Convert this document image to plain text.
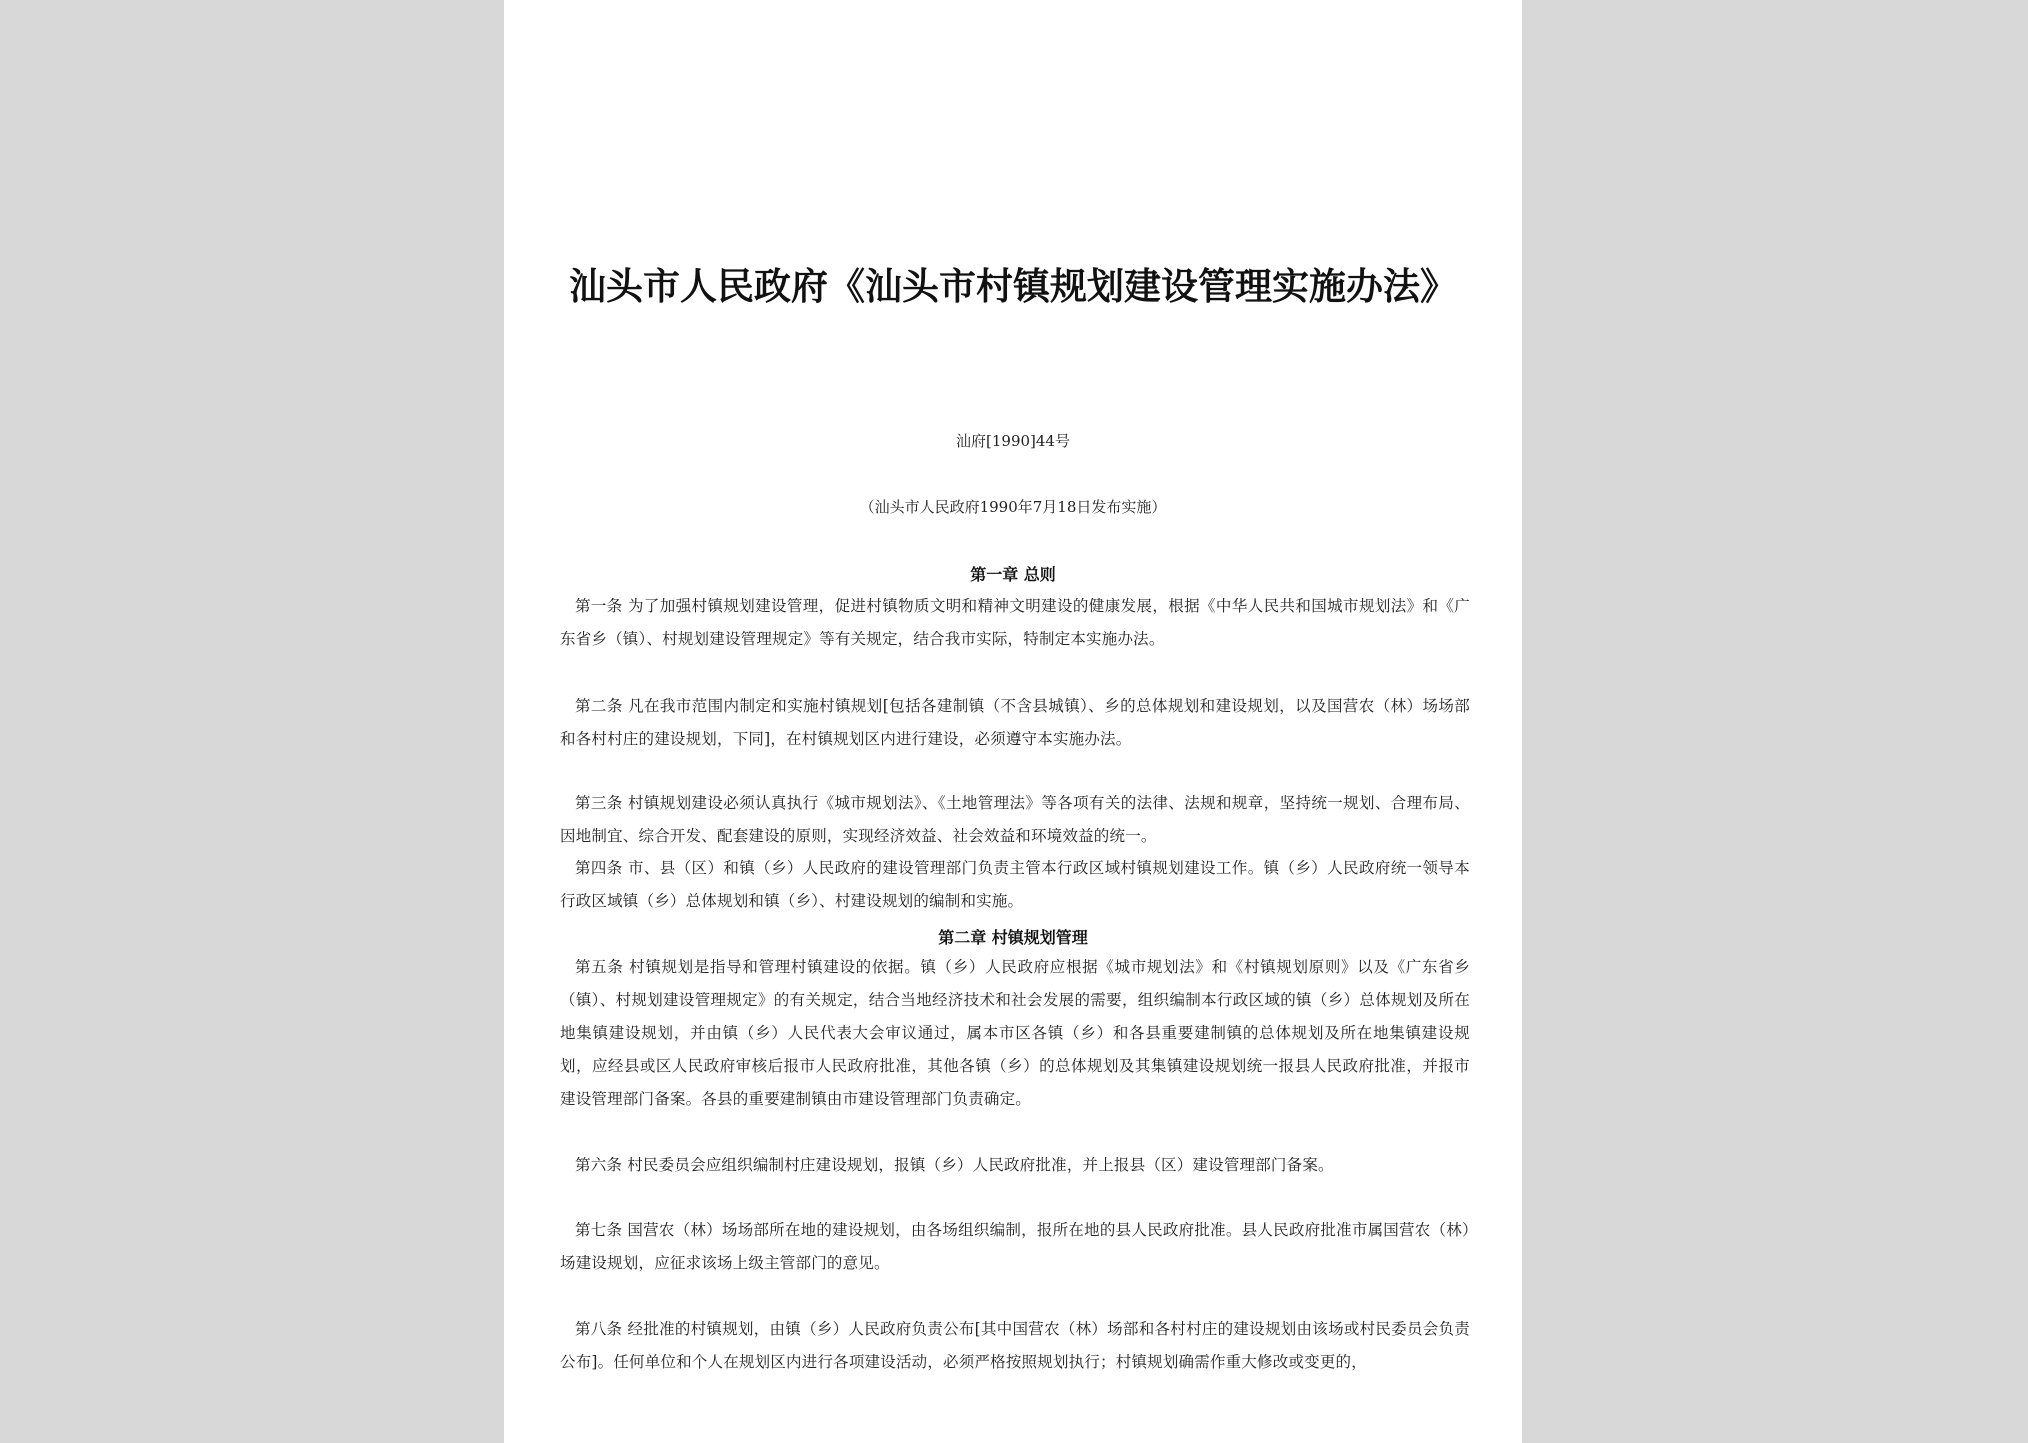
汕头市人民政府《汕头市村镇规划建设管理实施办法》
汕府[1990]44号
（汕头市人民政府1990年7月18日发布实施）
第一章 总则
第一条 为了加强村镇规划建设管理，促进村镇物质文明和精神文明建设的健康发展，根据《中华人民共和国城市规划法》和《广东省乡（镇）、村规划建设管理规定》等有关规定，结合我市实际，特制定本实施办法。
第二条 凡在我市范围内制定和实施村镇规划[包括各建制镇（不含县城镇）、乡的总体规划和建设规划，以及国营农（林）场场部和各村村庄的建设规划，下同]，在村镇规划区内进行建设，必须遵守本实施办法。
第三条 村镇规划建设必须认真执行《城市规划法》、《土地管理法》等各项有关的法律、法规和规章，坚持统一规划、合理布局、因地制宜、综合开发、配套建设的原则，实现经济效益、社会效益和环境效益的统一。
第四条 市、县（区）和镇（乡）人民政府的建设管理部门负责主管本行政区域村镇规划建设工作。镇（乡）人民政府统一领导本行政区域镇（乡）总体规划和镇（乡）、村建设规划的编制和实施。
第二章 村镇规划管理
第五条 村镇规划是指导和管理村镇建设的依据。镇（乡）人民政府应根据《城市规划法》和《村镇规划原则》以及《广东省乡（镇）、村规划建设管理规定》的有关规定，结合当地经济技术和社会发展的需要，组织编制本行政区域的镇（乡）总体规划及所在地集镇建设规划，并由镇（乡）人民代表大会审议通过，属本市区各镇（乡）和各县重要建制镇的总体规划及所在地集镇建设规划，应经县或区人民政府审核后报市人民政府批准，其他各镇（乡）的总体规划及其集镇建设规划统一报县人民政府批准，并报市建设管理部门备案。各县的重要建制镇由市建设管理部门负责确定。
第六条 村民委员会应组织编制村庄建设规划，报镇（乡）人民政府批准，并上报县（区）建设管理部门备案。
第七条 国营农（林）场场部所在地的建设规划，由各场组织编制，报所在地的县人民政府批准。县人民政府批准市属国营农（林）场建设规划，应征求该场上级主管部门的意见。
第八条 经批准的村镇规划，由镇（乡）人民政府负责公布[其中国营农（林）场部和各村村庄的建设规划由该场或村民委员会负责公布]。任何单位和个人在规划区内进行各项建设活动，必须严格按照规划执行；村镇规划确需作重大修改或变更的，
